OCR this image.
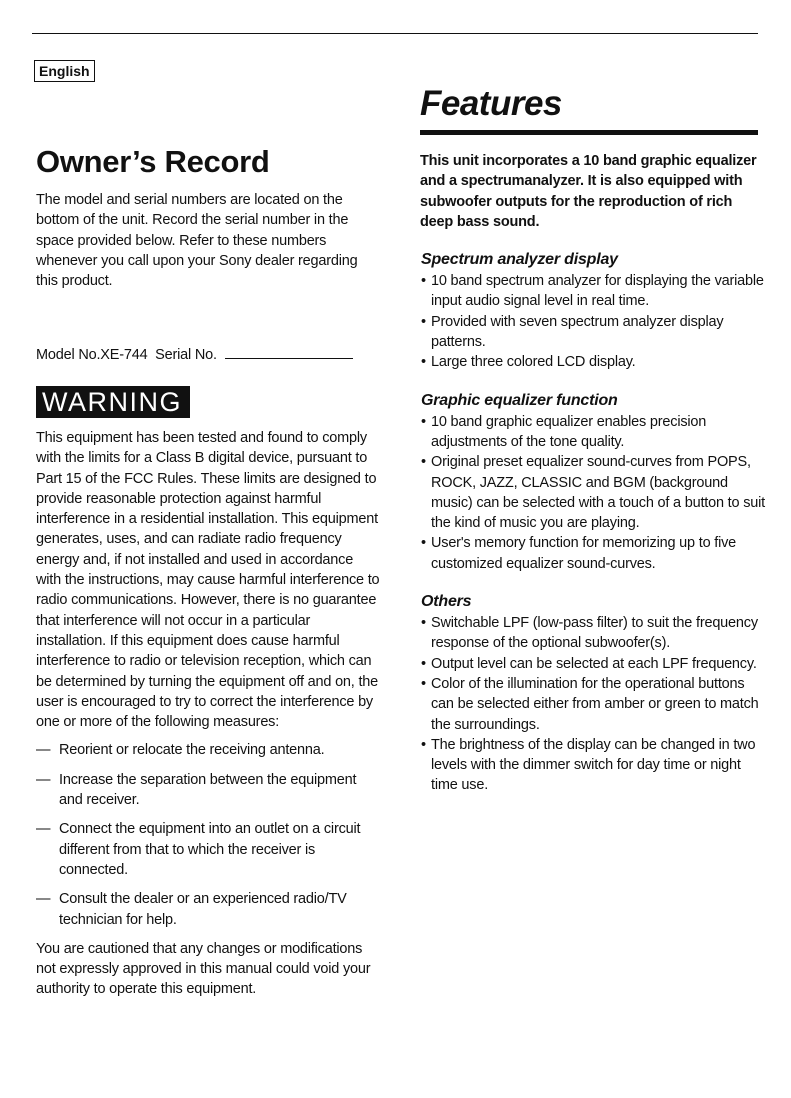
English
Owner’s Record

The model and serial numbers are located on the bottom of the unit. Record the serial number in the space provided below. Refer to these numbers whenever you call upon your Sony dealer regarding this product.

Model No.XE-744 Serial No.
WARNING

This equipment has been tested and found to comply with the limits for a Class B digital device, pursuant to Part 15 of the FCC Rules. These limits are designed to provide reasonable protection against harmful interference in a residential installation. This equipment generates, uses, and can radiate radio frequency energy and, if not installed and used in accordance with the instructions, may cause harmful interference to radio communications. However, there is no guarantee that interference will not occur in a particular installation. If this equipment does cause harmful interference to radio or television reception, which can be determined by turning the equipment off and on, the user is encouraged to try to correct the interference by one or more of the following measures:

— Reorient or relocate the receiving antenna.
— Increase the separation between the equipment and receiver.
— Connect the equipment into an outlet on a circuit different from that to which the receiver is connected.
— Consult the dealer or an experienced radio/TV technician for help.

You are cautioned that any changes or modifications not expressly approved in this manual could void your authority to operate this equipment.

Features

This unit incorporates a 10 band graphic equalizer and a spectrumanalyzer. It is also equipped with subwoofer outputs for the reproduction of rich deep bass sound.

Spectrum analyzer display
• 10 band spectrum analyzer for displaying the variable input audio signal level in real time.
• Provided with seven spectrum analyzer display patterns.
• Large three colored LCD display.
Graphic equalizer function
• 10 band graphic equalizer enables precision adjustments of the tone quality.
• Original preset equalizer sound-curves from POPS, ROCK, JAZZ, CLASSIC and BGM (background music) can be selected with a touch of a button to suit the kind of music you are playing.
• User's memory function for memorizing up to five customized equalizer sound-curves.
Others
• Switchable LPF (low-pass filter) to suit the frequency response of the optional subwoofer(s).
• Output level can be selected at each LPF frequency.
• Color of the illumination for the operational buttons can be selected either from amber or green to match the surroundings.
• The brightness of the display can be changed in two levels with the dimmer switch for day time or night time use.
